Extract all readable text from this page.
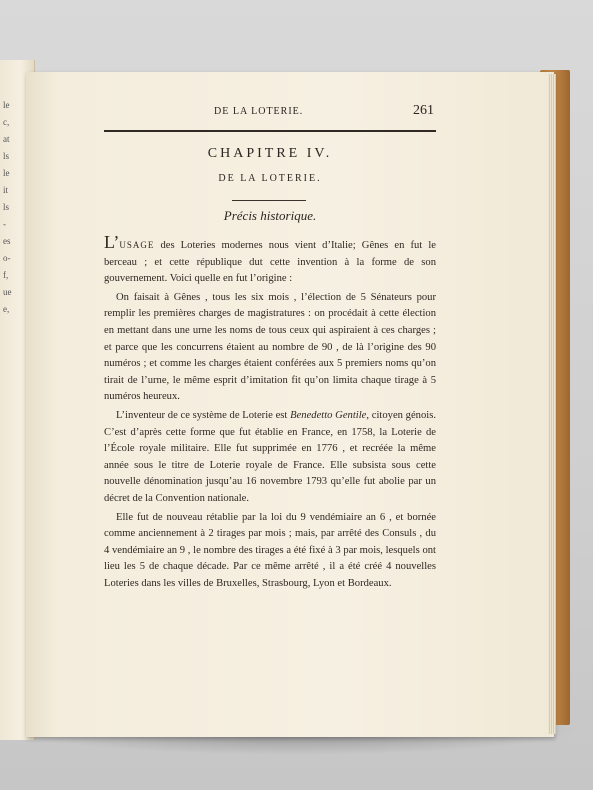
le
c,
at
ls
le
it
ls
-
es
o-
f,
ue
e,
DE LA LOTERIE.	261
CHAPITRE IV.
DE LA LOTERIE.
Précis historique.

L’USAGE des Loteries modernes nous vient d’Italie; Gênes en fut le berceau ; et cette république dut cette invention à la forme de son gouvernement. Voici quelle en fut l’origine :

On faisait à Gênes , tous les six mois , l’élection de 5 Sénateurs pour remplir les premières charges de magistratures : on procédait à cette élection en mettant dans une urne les noms de tous ceux qui aspiraient à ces charges ; et parce que les concurrens étaient au nombre de 90 , de là l’origine des 90 numéros ; et comme les charges étaient conférées aux 5 premiers noms qu’on tirait de l’urne, le même esprit d’imitation fit qu’on limita chaque tirage à 5 numéros heureux.

L’inventeur de ce système de Loterie est Benedetto Gentile, citoyen génois. C’est d’après cette forme que fut établie en France, en 1758, la Loterie de l’École royale militaire. Elle fut supprimée en 1776 , et recréée la même année sous le titre de Loterie royale de France. Elle subsista sous cette nouvelle dénomination jusqu’au 16 novembre 1793 qu’elle fut abolie par un décret de la Convention nationale.

Elle fut de nouveau rétablie par la loi du 9 vendémiaire an 6 , et bornée comme anciennement à 2 tirages par mois ; mais, par arrêté des Consuls , du 4 vendémiaire an 9 , le nombre des tirages a été fixé à 3 par mois, lesquels ont lieu les 5 de chaque décade. Par ce même arrêté , il a été créé 4 nouvelles Loteries dans les villes de Bruxelles, Strasbourg, Lyon et Bordeaux.
